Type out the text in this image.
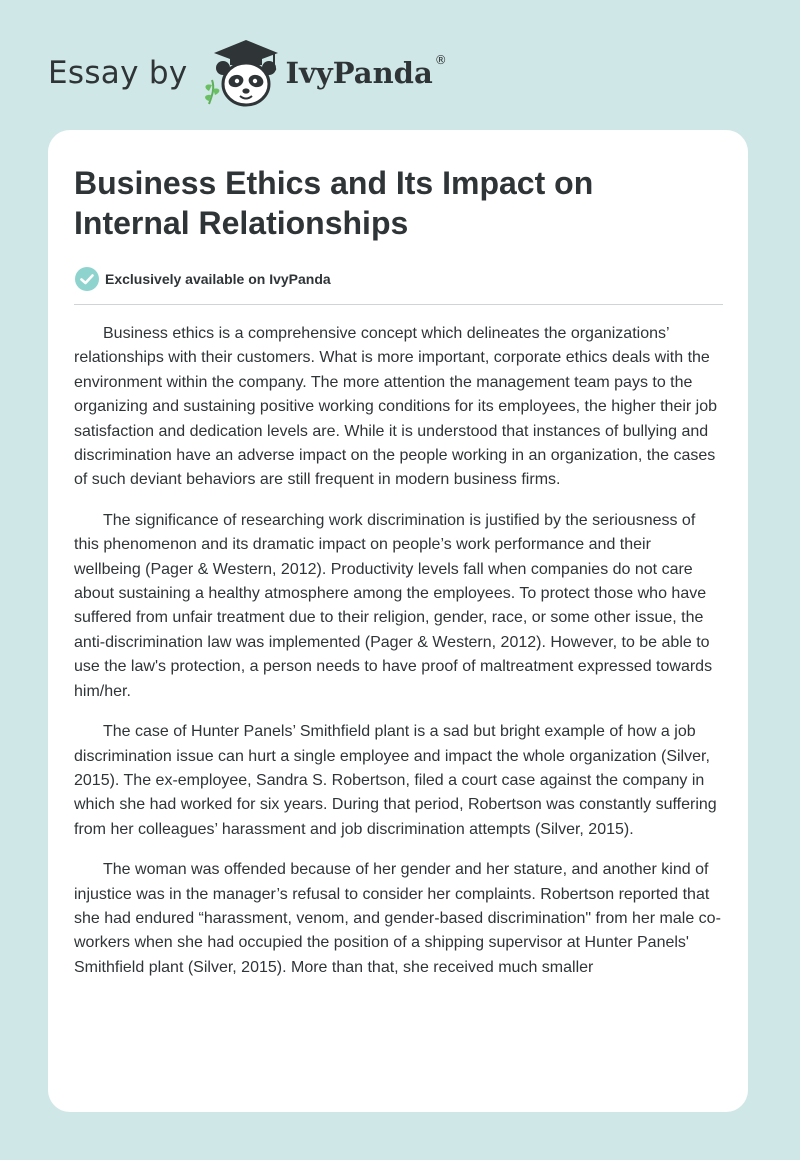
Essay by	IvyPanda ®
Business Ethics and Its Impact on Internal Relationships
Exclusively available on IvyPanda

Business ethics is a comprehensive concept which delineates the organizations’ relationships with their customers. What is more important, corporate ethics deals with the environment within the company. The more attention the management team pays to the organizing and sustaining positive working conditions for its employees, the higher their job satisfaction and dedication levels are. While it is understood that instances of bullying and discrimination have an adverse impact on the people working in an organization, the cases of such deviant behaviors are still frequent in modern business firms.

The significance of researching work discrimination is justified by the seriousness of this phenomenon and its dramatic impact on people’s work performance and their wellbeing (Pager & Western, 2012). Productivity levels fall when companies do not care about sustaining a healthy atmosphere among the employees. To protect those who have suffered from unfair treatment due to their religion, gender, race, or some other issue, the anti-discrimination law was implemented (Pager & Western, 2012). However, to be able to use the law's protection, a person needs to have proof of maltreatment expressed towards him/her.

The case of Hunter Panels’ Smithfield plant is a sad but bright example of how a job discrimination issue can hurt a single employee and impact the whole organization (Silver, 2015). The ex-employee, Sandra S. Robertson, filed a court case against the company in which she had worked for six years. During that period, Robertson was constantly suffering from her colleagues’ harassment and job discrimination attempts (Silver, 2015).

The woman was offended because of her gender and her stature, and another kind of injustice was in the manager’s refusal to consider her complaints. Robertson reported that she had endured “harassment, venom, and gender-based discrimination" from her male co-workers when she had occupied the position of a shipping supervisor at Hunter Panels' Smithfield plant (Silver, 2015). More than that, she received much smaller
